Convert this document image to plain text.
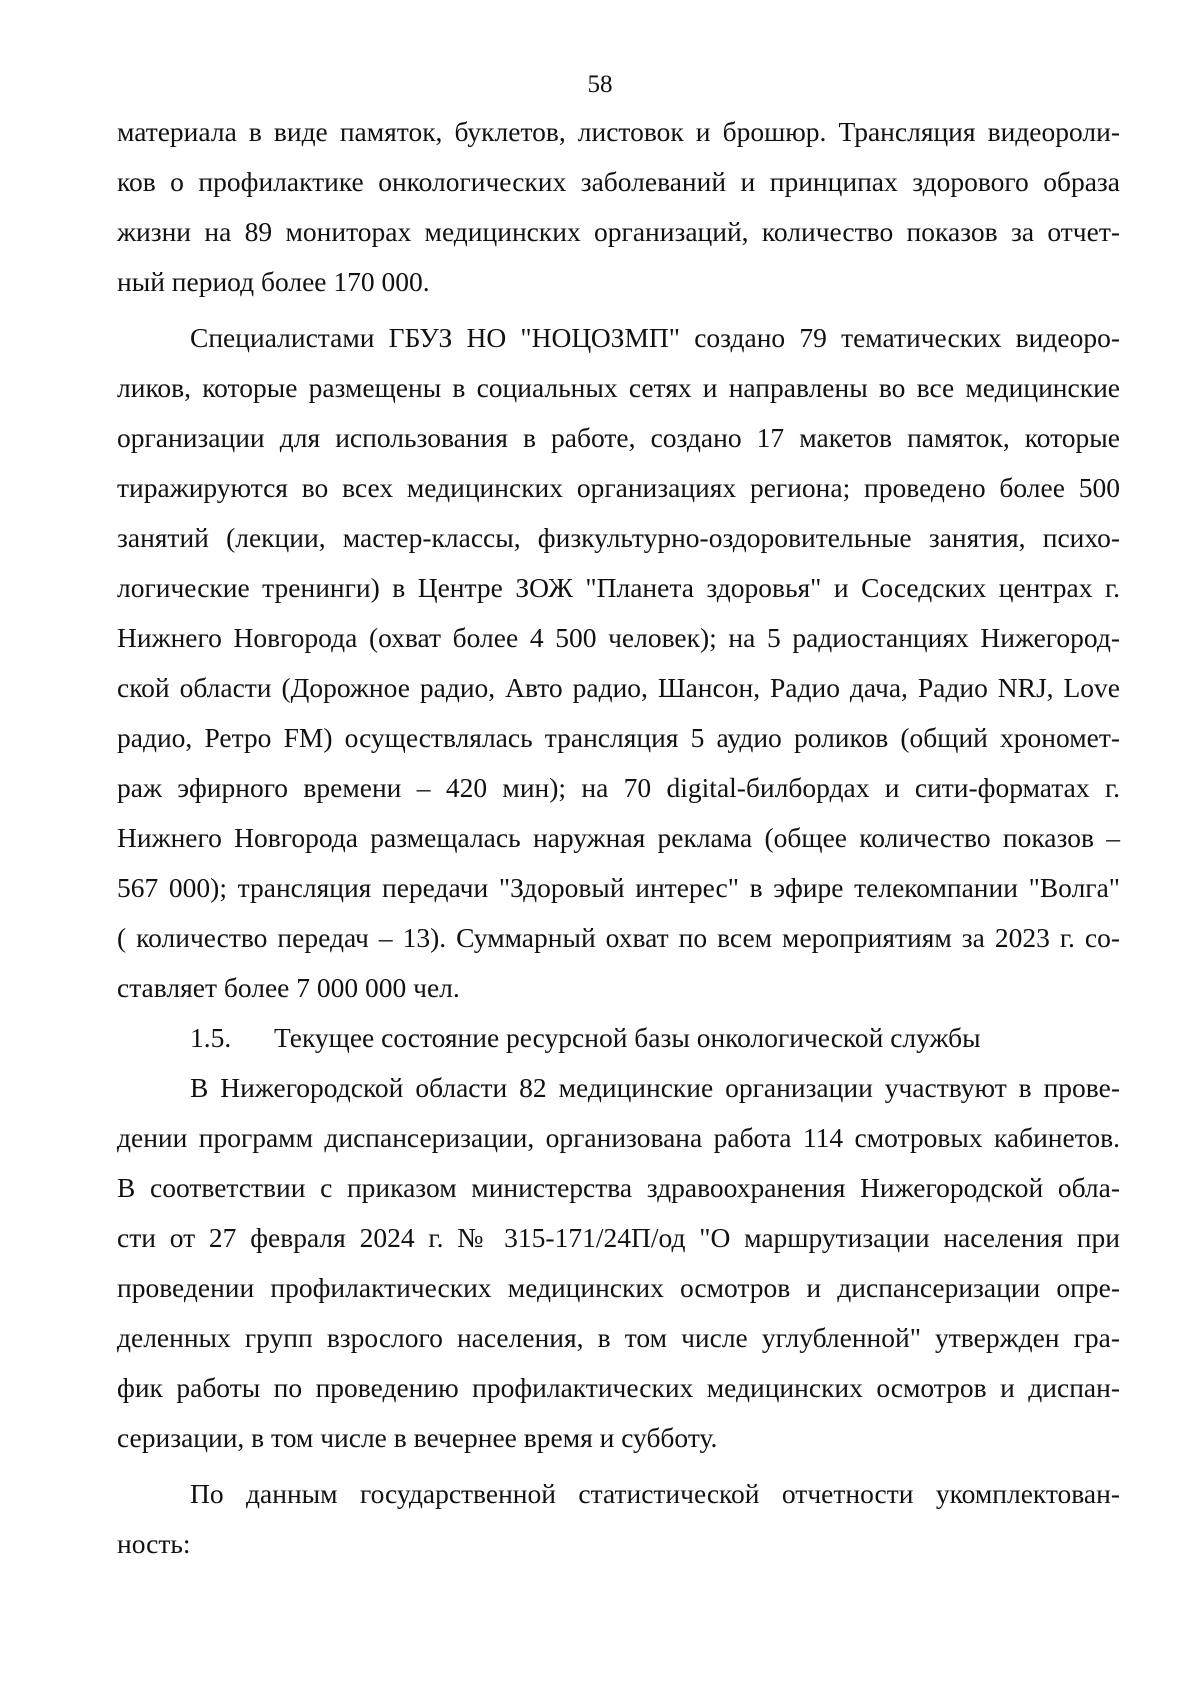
58
материала в виде памяток, буклетов, листовок и брошюр. Трансляция видеороли-
ков о профилактике онкологических заболеваний и принципах здорового образа
жизни на 89 мониторах медицинских организаций, количество показов за отчет-
ный период более 170 000.
Специалистами ГБУЗ НО "НОЦОЗМП" создано 79 тематических видеоро-
ликов, которые размещены в социальных сетях и направлены во все медицинские
организации для использования в работе, создано 17 макетов памяток, которые
тиражируются во всех медицинских организациях региона; проведено более 500
занятий (лекции, мастер-классы, физкультурно-оздоровительные занятия, психо-
логические тренинги) в Центре ЗОЖ "Планета здоровья" и Соседских центрах г.
Нижнего Новгорода (охват более 4 500 человек); на 5 радиостанциях Нижегород-
ской области (Дорожное радио, Авто радио, Шансон, Радио дача, Радио NRJ, Love
радио, Ретро FM) осуществлялась трансляция 5 аудио роликов (общий хрономет-
раж эфирного времени – 420 мин); на 70 digital-билбордах и сити-форматах г.
Нижнего Новгорода размещалась наружная реклама (общее количество показов –
567 000); трансляция передачи "Здоровый интерес" в эфире телекомпании "Волга"
( количество передач – 13). Суммарный охват по всем мероприятиям за 2023 г. со-
ставляет более 7 000 000 чел.
1.5. Текущее состояние ресурсной базы онкологической службы
В Нижегородской области 82 медицинские организации участвуют в прове-
дении программ диспансеризации, организована работа 114 смотровых кабинетов.
В соответствии с приказом министерства здравоохранения Нижегородской обла-
сти от 27 февраля 2024 г. № 315-171/24П/од "О маршрутизации населения при
проведении профилактических медицинских осмотров и диспансеризации опре-
деленных групп взрослого населения, в том числе углубленной" утвержден гра-
фик работы по проведению профилактических медицинских осмотров и диспан-
серизации, в том числе в вечернее время и субботу.
По данным государственной статистической отчетности укомплектован-
ность:
